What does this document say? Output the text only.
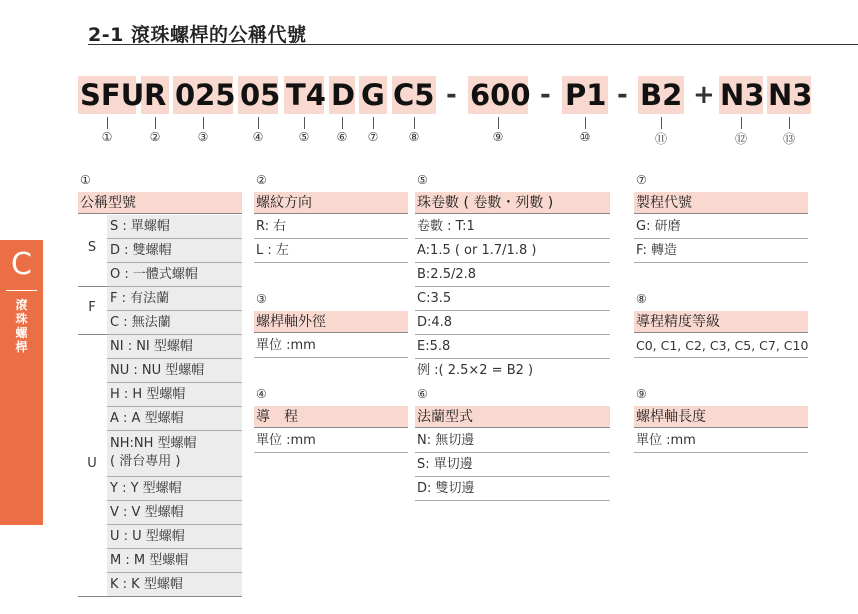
2-1 滾珠螺桿的公稱代號
SFU R 025 05 T4 D G C5 600 P1 B2 N3 N3
-	-	-	+
①	②	③	④	⑤ ⑥ ⑦	⑧	⑨	⑩	⑪	⑫	⑬
C
滾珠螺桿
①
公稱型號
S
S : 單螺帽
D : 雙螺帽
O : 一體式螺帽
F
F : 有法蘭
C : 無法蘭
U
NI : NI 型螺帽
NU : NU 型螺帽
H : H 型螺帽
A : A 型螺帽
NH:NH 型螺帽
( 滑台專用 )
Y : Y 型螺帽
V : V 型螺帽
U : U 型螺帽
M : M 型螺帽
K : K 型螺帽
②
螺紋方向
R: 右
L : 左
③
螺桿軸外徑
單位 :mm
④
導　程
單位 :mm
⑤
珠卷數 ( 卷數・列數 )
卷數 : T:1
A:1.5 ( or 1.7/1.8 )
B:2.5/2.8
C:3.5
D:4.8
E:5.8
例 :( 2.5×2 = B2 )
⑥
法蘭型式
N: 無切邊
S: 單切邊
D: 雙切邊
⑦
製程代號
G: 研磨
F: 轉造
⑧
導程精度等級
C0, C1, C2, C3, C5, C7, C10
⑨
螺桿軸長度
單位 :mm
